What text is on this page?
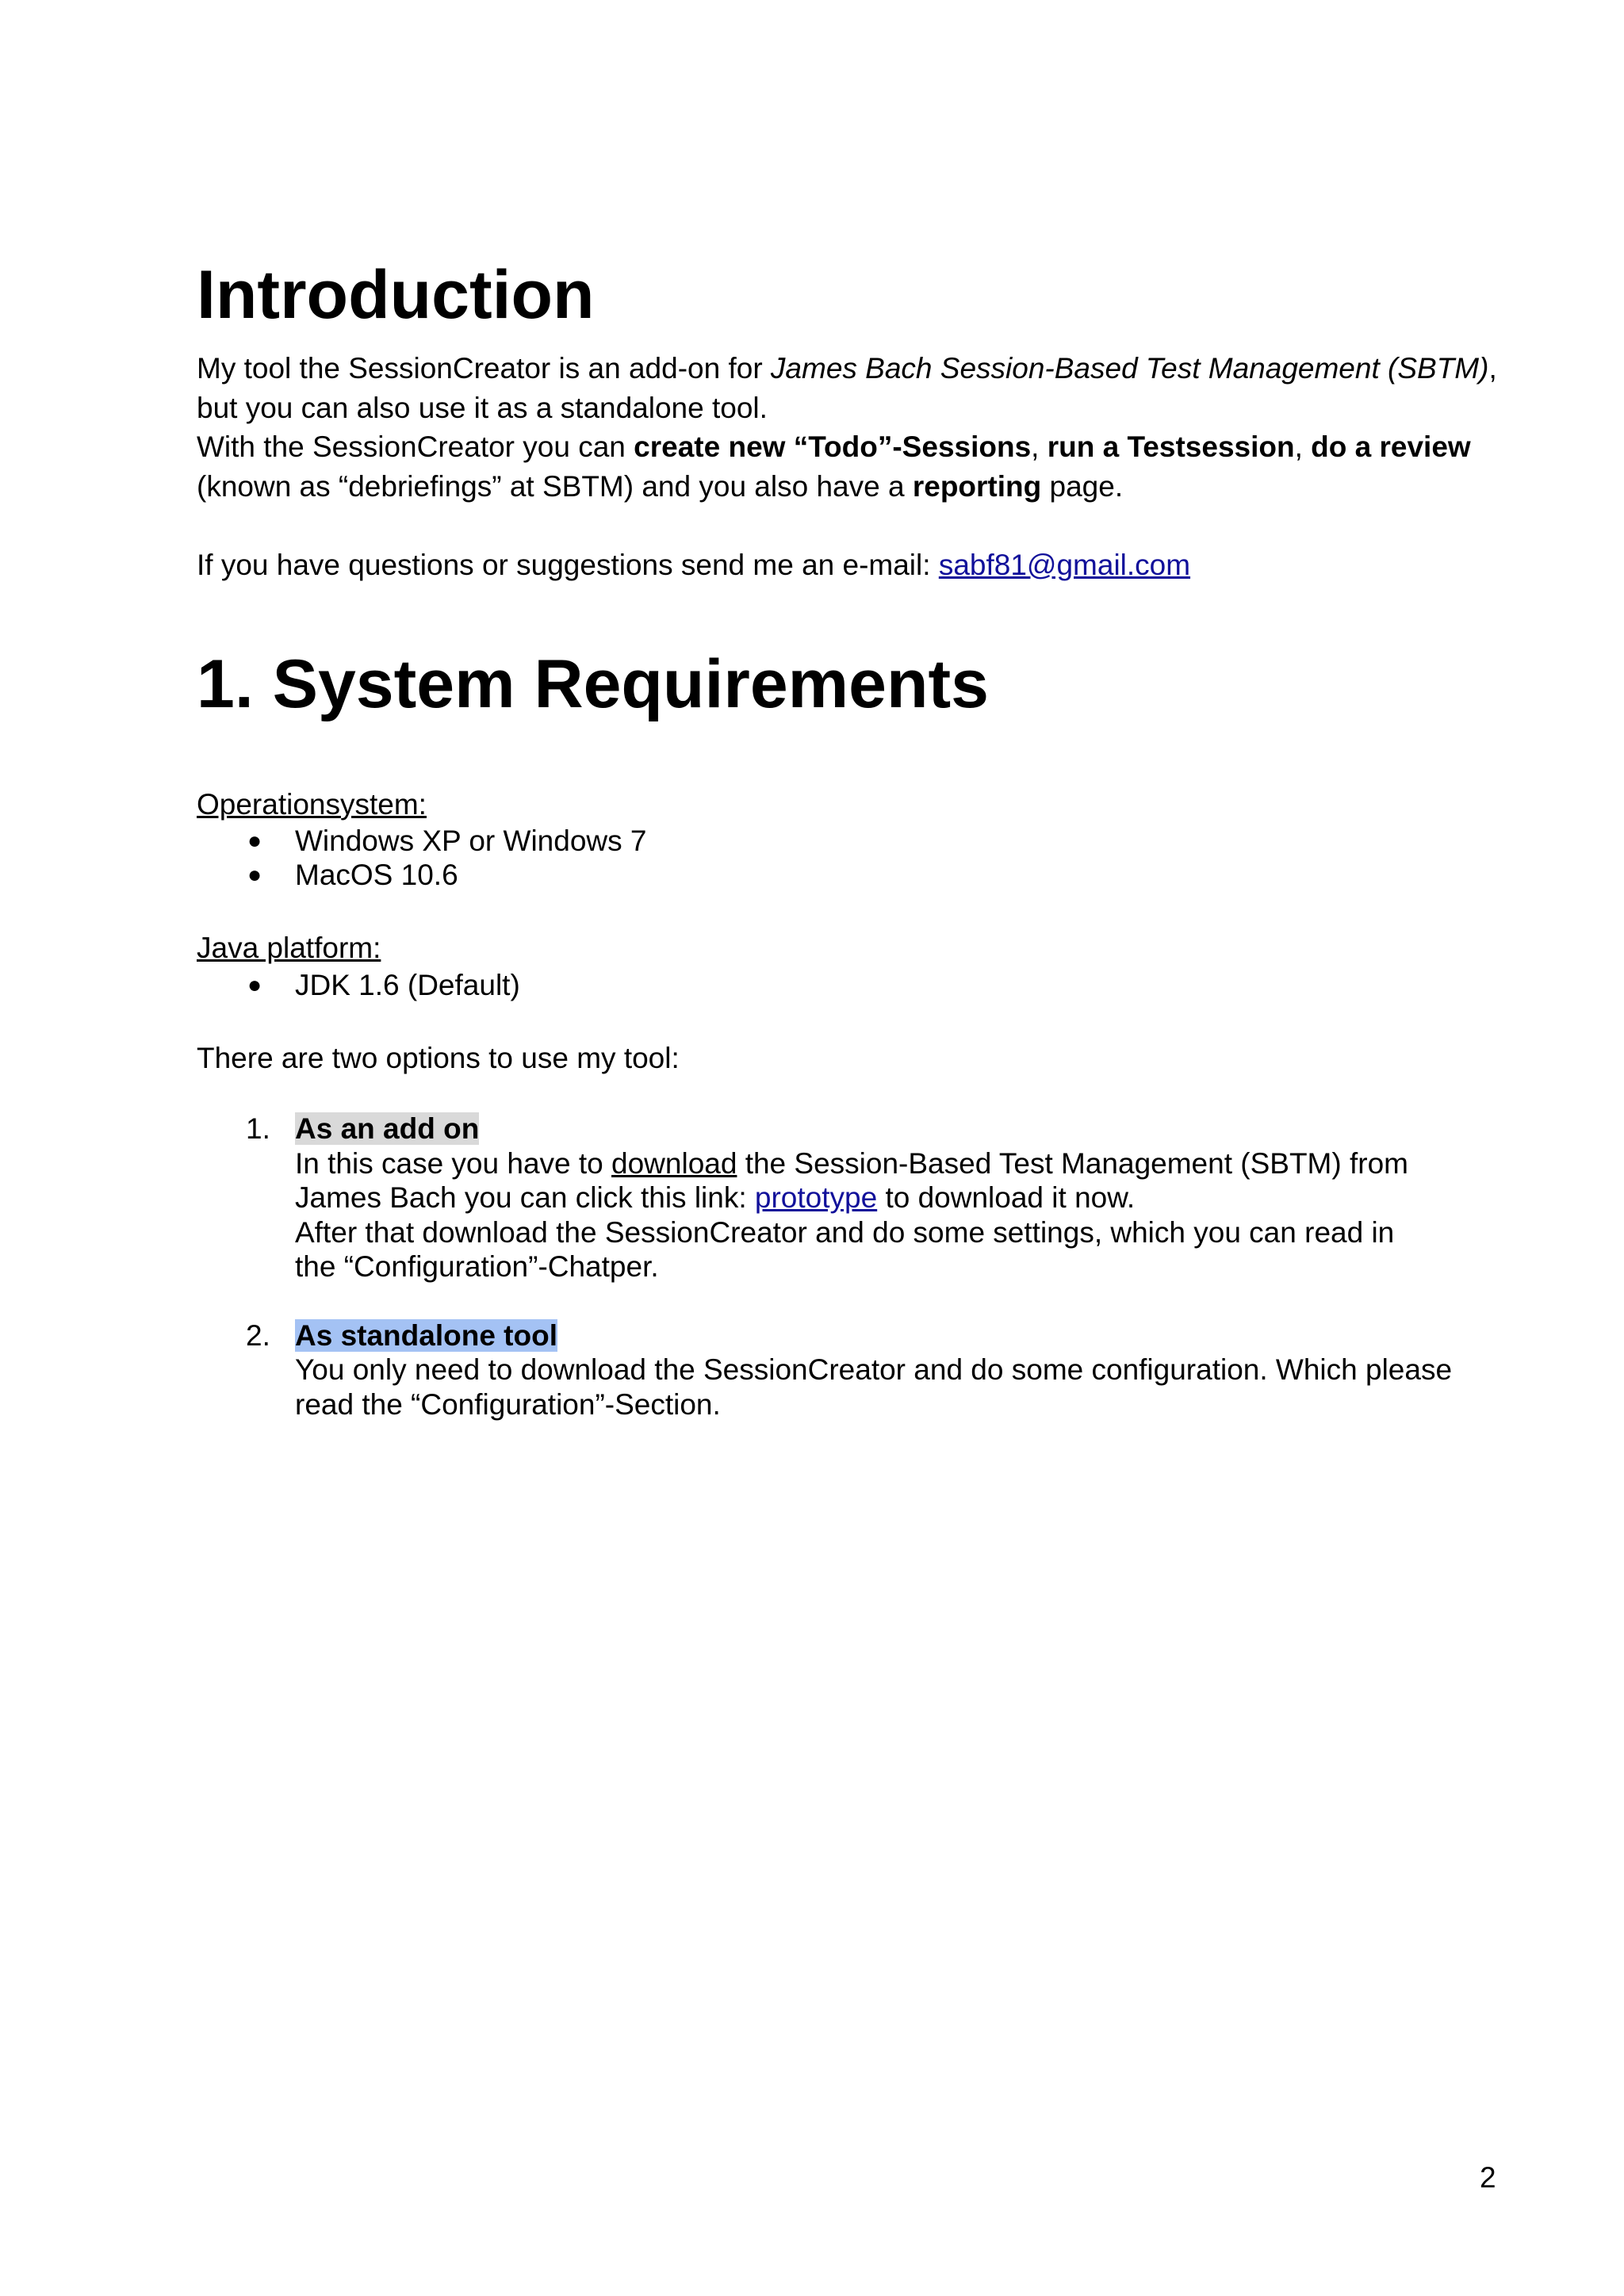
Introduction

My tool the SessionCreator is an add-on for James Bach Session-Based Test Management (SBTM), but you can also use it as a standalone tool.

With the SessionCreator you can create new “Todo”-Sessions, run a Testsession, do a review (known as “debriefings” at SBTM) and you also have a reporting page.

If you have questions or suggestions send me an e-mail: sabf81@gmail.com

1. System Requirements

Operationsystem:

● Windows XP or Windows 7
● MacOS 10.6

Java platform:

● JDK 1.6 (Default)

There are two options to use my tool:

1. As an add on
In this case you have to download the Session-Based Test Management (SBTM) from
James Bach you can click this link: prototype to download it now.
After that download the SessionCreator and do some settings, which you can read in
the “Configuration”-Chatper.
2. As standalone tool
You only need to download the SessionCreator and do some configuration. Which please
read the “Configuration”-Section.
2
